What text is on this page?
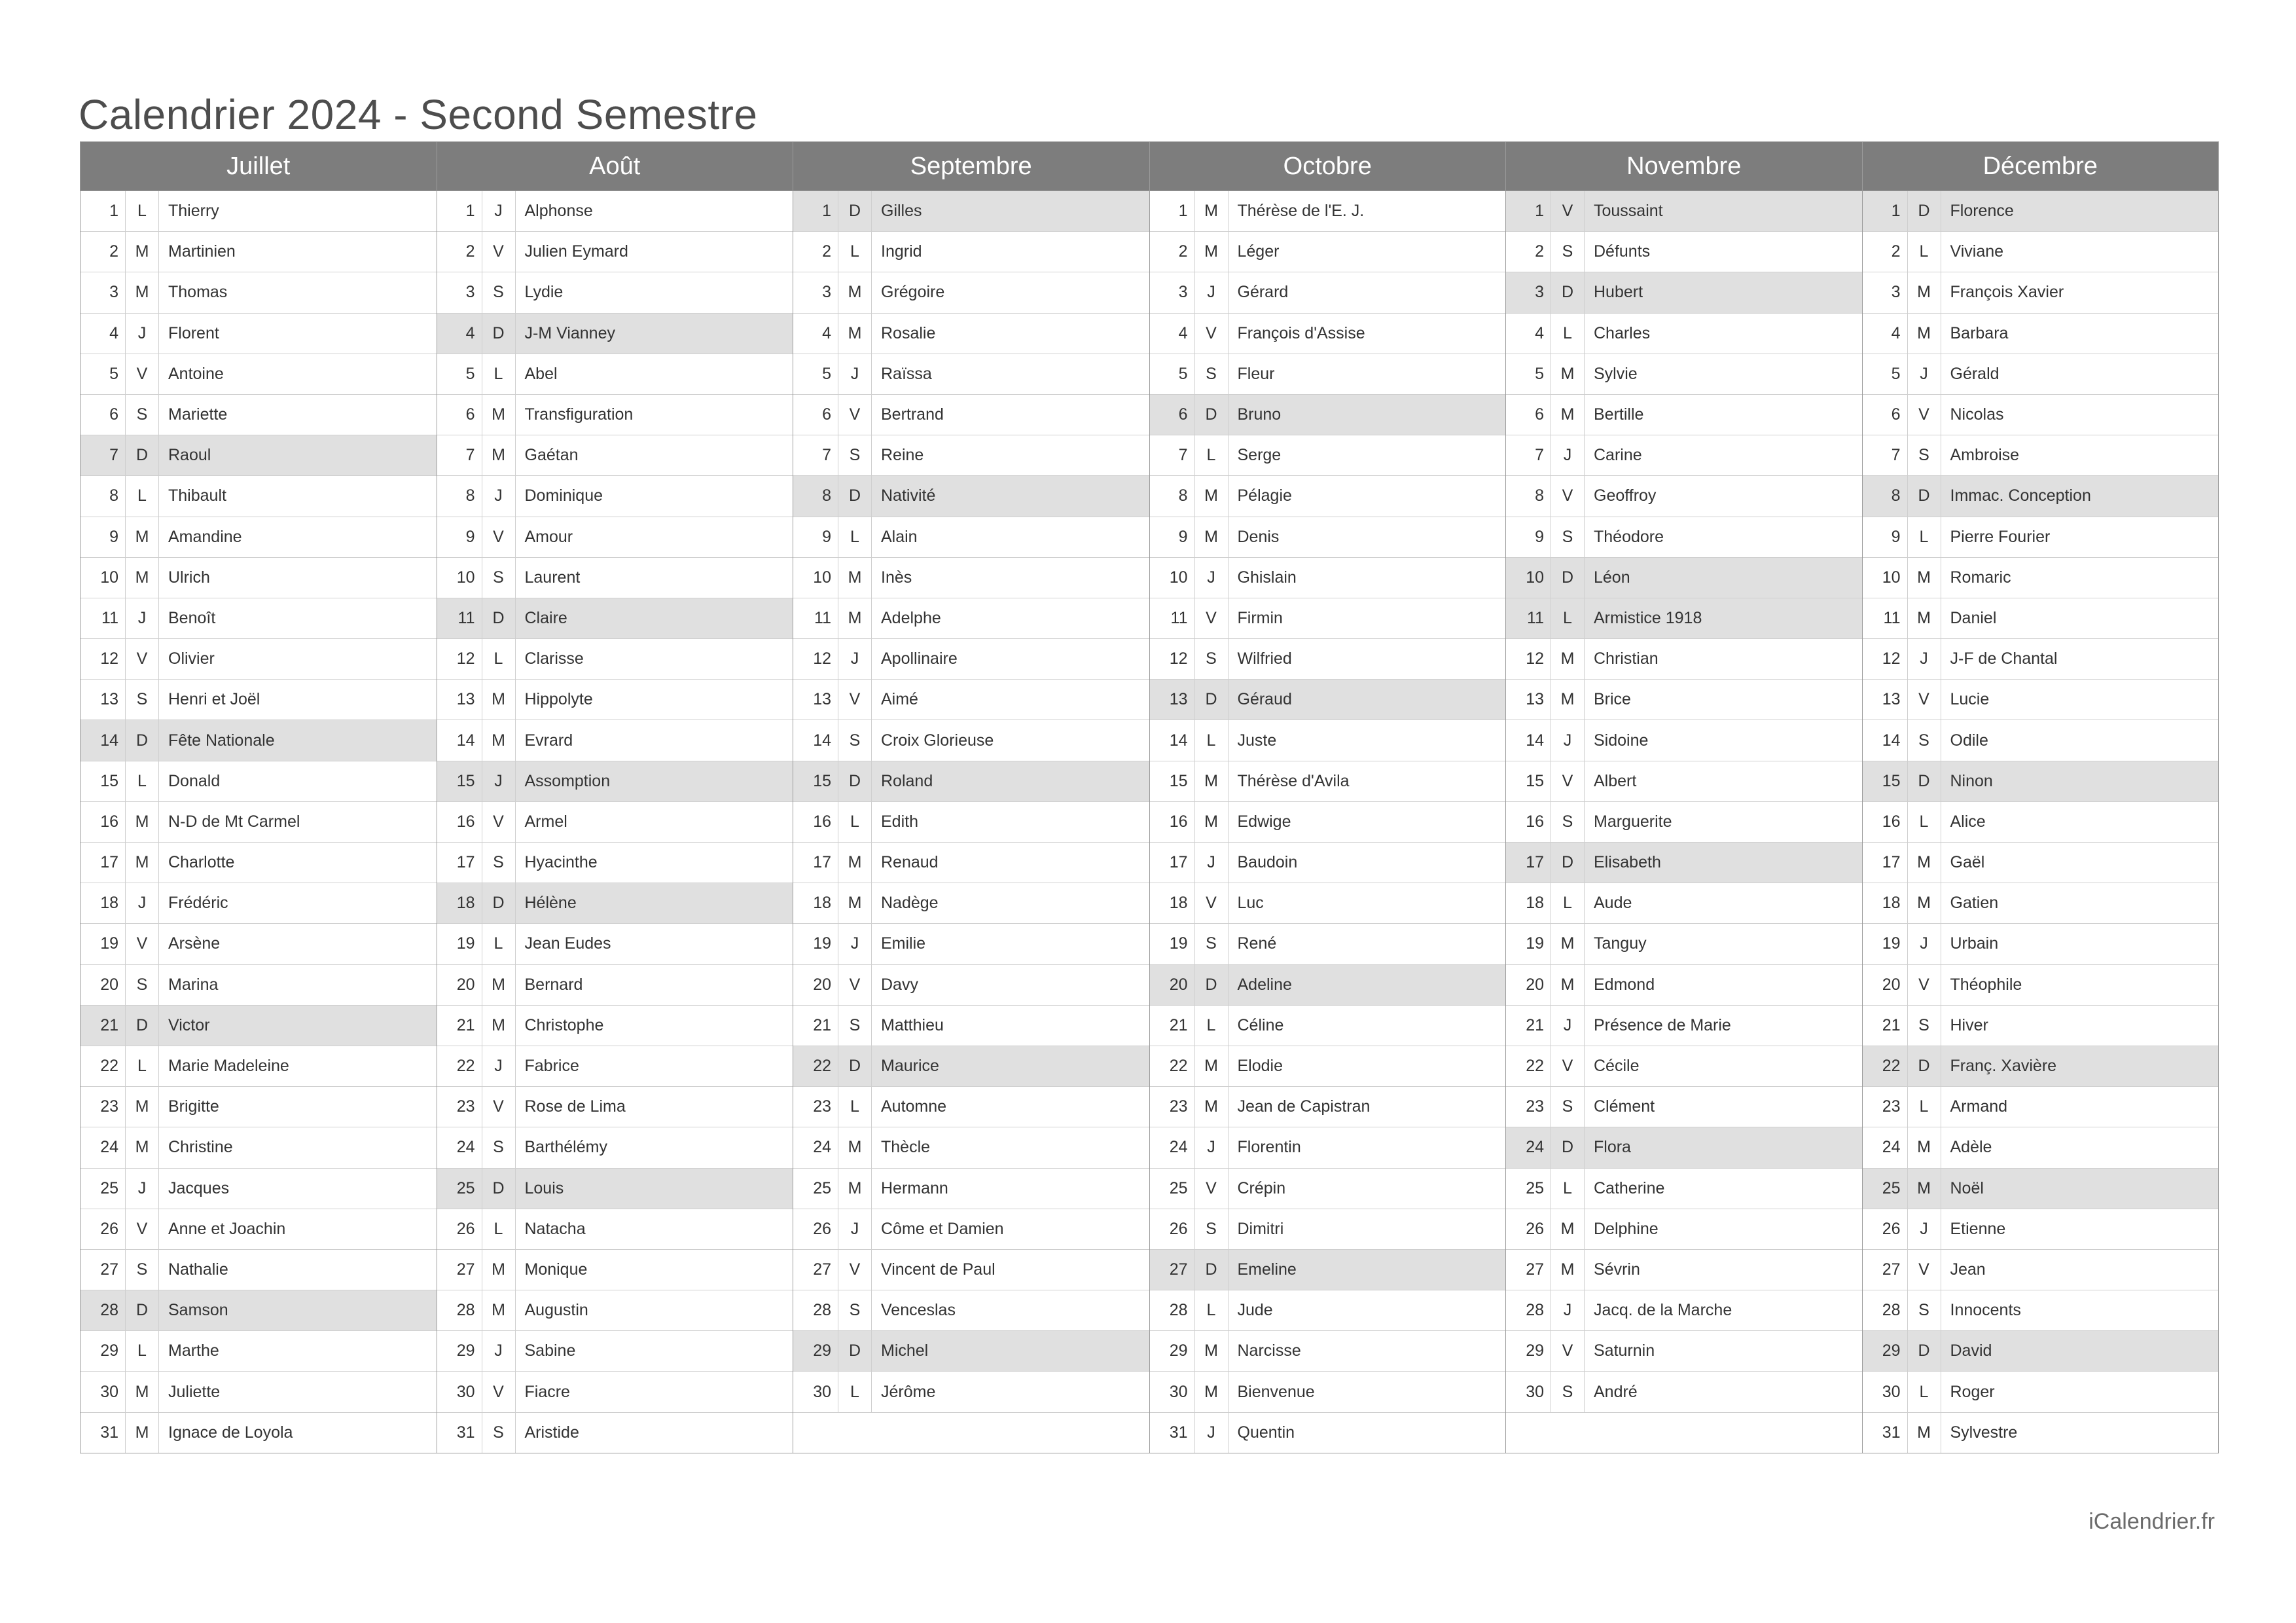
Calendrier 2024 - Second Semestre
Juillet
1	L	Thierry
2	M	Martinien
3	M	Thomas
4	J	Florent
5	V	Antoine
6	S	Mariette
7	D	Raoul
8	L	Thibault
9	M	Amandine
10	M	Ulrich
11	J	Benoît
12	V	Olivier
13	S	Henri et Joël
14	D	Fête Nationale
15	L	Donald
16	M	N-D de Mt Carmel
17	M	Charlotte
18	J	Frédéric
19	V	Arsène
20	S	Marina
21	D	Victor
22	L	Marie Madeleine
23	M	Brigitte
24	M	Christine
25	J	Jacques
26	V	Anne et Joachin
27	S	Nathalie
28	D	Samson
29	L	Marthe
30	M	Juliette
31	M	Ignace de Loyola
Août
1	J	Alphonse
2	V	Julien Eymard
3	S	Lydie
4	D	J-M Vianney
5	L	Abel
6	M	Transfiguration
7	M	Gaétan
8	J	Dominique
9	V	Amour
10	S	Laurent
11	D	Claire
12	L	Clarisse
13	M	Hippolyte
14	M	Evrard
15	J	Assomption
16	V	Armel
17	S	Hyacinthe
18	D	Hélène
19	L	Jean Eudes
20	M	Bernard
21	M	Christophe
22	J	Fabrice
23	V	Rose de Lima
24	S	Barthélémy
25	D	Louis
26	L	Natacha
27	M	Monique
28	M	Augustin
29	J	Sabine
30	V	Fiacre
31	S	Aristide
Septembre
1	D	Gilles
2	L	Ingrid
3	M	Grégoire
4	M	Rosalie
5	J	Raïssa
6	V	Bertrand
7	S	Reine
8	D	Nativité
9	L	Alain
10	M	Inès
11	M	Adelphe
12	J	Apollinaire
13	V	Aimé
14	S	Croix Glorieuse
15	D	Roland
16	L	Edith
17	M	Renaud
18	M	Nadège
19	J	Emilie
20	V	Davy
21	S	Matthieu
22	D	Maurice
23	L	Automne
24	M	Thècle
25	M	Hermann
26	J	Côme et Damien
27	V	Vincent de Paul
28	S	Venceslas
29	D	Michel
30	L	Jérôme
Octobre
1	M	Thérèse de l'E. J.
2	M	Léger
3	J	Gérard
4	V	François d'Assise
5	S	Fleur
6	D	Bruno
7	L	Serge
8	M	Pélagie
9	M	Denis
10	J	Ghislain
11	V	Firmin
12	S	Wilfried
13	D	Géraud
14	L	Juste
15	M	Thérèse d'Avila
16	M	Edwige
17	J	Baudoin
18	V	Luc
19	S	René
20	D	Adeline
21	L	Céline
22	M	Elodie
23	M	Jean de Capistran
24	J	Florentin
25	V	Crépin
26	S	Dimitri
27	D	Emeline
28	L	Jude
29	M	Narcisse
30	M	Bienvenue
31	J	Quentin
Novembre
1	V	Toussaint
2	S	Défunts
3	D	Hubert
4	L	Charles
5	M	Sylvie
6	M	Bertille
7	J	Carine
8	V	Geoffroy
9	S	Théodore
10	D	Léon
11	L	Armistice 1918
12	M	Christian
13	M	Brice
14	J	Sidoine
15	V	Albert
16	S	Marguerite
17	D	Elisabeth
18	L	Aude
19	M	Tanguy
20	M	Edmond
21	J	Présence de Marie
22	V	Cécile
23	S	Clément
24	D	Flora
25	L	Catherine
26	M	Delphine
27	M	Sévrin
28	J	Jacq. de la Marche
29	V	Saturnin
30	S	André
Décembre
1	D	Florence
2	L	Viviane
3	M	François Xavier
4	M	Barbara
5	J	Gérald
6	V	Nicolas
7	S	Ambroise
8	D	Immac. Conception
9	L	Pierre Fourier
10	M	Romaric
11	M	Daniel
12	J	J-F de Chantal
13	V	Lucie
14	S	Odile
15	D	Ninon
16	L	Alice
17	M	Gaël
18	M	Gatien
19	J	Urbain
20	V	Théophile
21	S	Hiver
22	D	Franç. Xavière
23	L	Armand
24	M	Adèle
25	M	Noël
26	J	Etienne
27	V	Jean
28	S	Innocents
29	D	David
30	L	Roger
31	M	Sylvestre
iCalendrier.fr
